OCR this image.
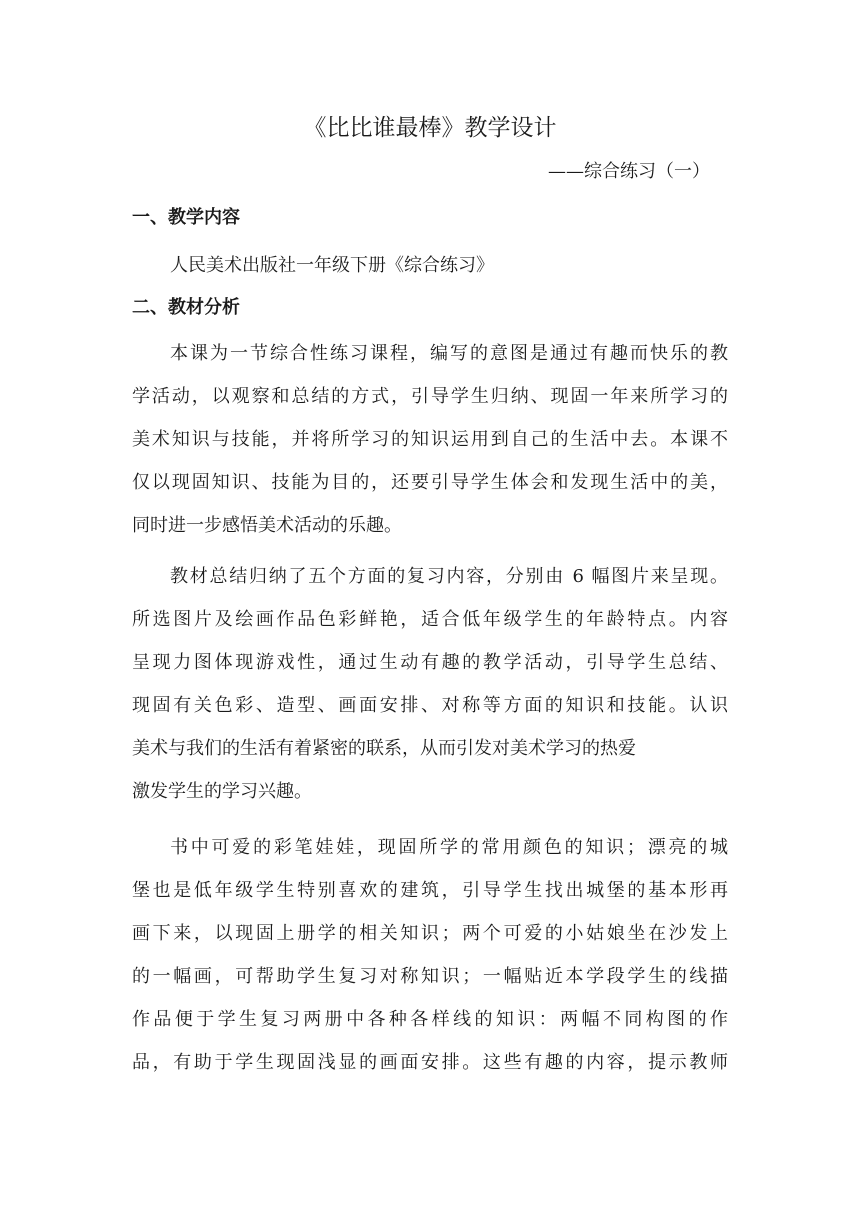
《比比谁最棒》教学设计
——综合练习（一）
一、教学内容
人民美术出版社一年级下册《综合练习》
二、教材分析
本课为一节综合性练习课程，编写的意图是通过有趣而快乐的教
学活动，以观察和总结的方式，引导学生归纳、现固一年来所学习的
美术知识与技能，并将所学习的知识运用到自己的生活中去。本课不
仅以现固知识、技能为目的，还要引导学生体会和发现生活中的美，
同时进一步感悟美术活动的乐趣。
教材总结归纳了五个方面的复习内容，分别由 6 幅图片来呈现。
所选图片及绘画作品色彩鲜艳，适合低年级学生的年龄特点。内容
呈现力图体现游戏性，通过生动有趣的教学活动，引导学生总结、
现固有关色彩、造型、画面安排、对称等方面的知识和技能。认识
美术与我们的生活有着紧密的联系，从而引发对美术学习的热爱
激发学生的学习兴趣。
书中可爱的彩笔娃娃，现固所学的常用颜色的知识；漂亮的城
堡也是低年级学生特别喜欢的建筑，引导学生找出城堡的基本形再
画下来，以现固上册学的相关知识；两个可爱的小姑娘坐在沙发上
的一幅画，可帮助学生复习对称知识；一幅贴近本学段学生的线描
作品便于学生复习两册中各种各样线的知识：两幅不同构图的作
品，有助于学生现固浅显的画面安排。这些有趣的内容，提示教师
